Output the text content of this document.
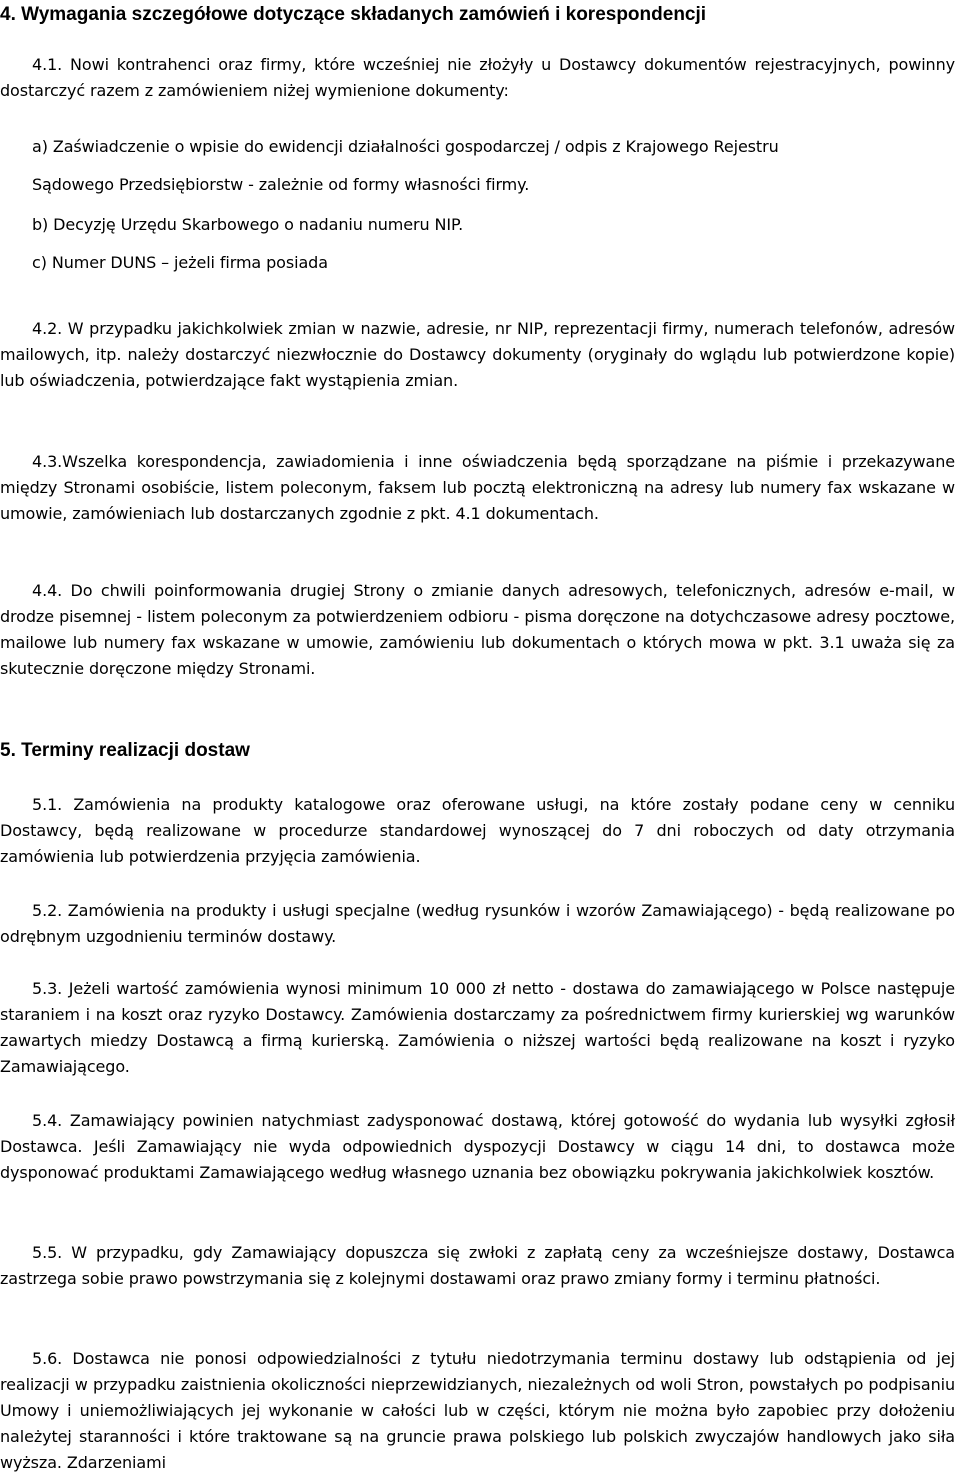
4. Wymagania szczegółowe dotyczące składanych zamówień i korespondencji

4.1. Nowi kontrahenci oraz firmy, które wcześniej nie złożyły u Dostawcy dokumentów rejestracyjnych, powinny dostarczyć razem z zamówieniem niżej wymienione dokumenty:

a) Zaświadczenie o wpisie do ewidencji działalności gospodarczej / odpis z Krajowego Rejestru

Sądowego Przedsiębiorstw - zależnie od formy własności firmy.

b) Decyzję Urzędu Skarbowego o nadaniu numeru NIP.

c) Numer DUNS – jeżeli firma posiada

4.2. W przypadku jakichkolwiek zmian w nazwie, adresie, nr NIP, reprezentacji firmy, numerach telefonów, adresów mailowych, itp. należy dostarczyć niezwłocznie do Dostawcy dokumenty (oryginały do wglądu lub potwierdzone kopie) lub oświadczenia, potwierdzające fakt wystąpienia zmian.

4.3.Wszelka korespondencja, zawiadomienia i inne oświadczenia będą sporządzane na piśmie i przekazywane między Stronami osobiście, listem poleconym, faksem lub pocztą elektroniczną na adresy lub numery fax wskazane w umowie, zamówieniach lub dostarczanych zgodnie z pkt. 4.1 dokumentach.

4.4. Do chwili poinformowania drugiej Strony o zmianie danych adresowych, telefonicznych, adresów e-mail, w drodze pisemnej - listem poleconym za potwierdzeniem odbioru - pisma doręczone na dotychczasowe adresy pocztowe, mailowe lub numery fax wskazane w umowie, zamówieniu lub dokumentach o których mowa w pkt. 3.1 uważa się za skutecznie doręczone między Stronami.

5. Terminy realizacji dostaw

5.1. Zamówienia na produkty katalogowe oraz oferowane usługi, na które zostały podane ceny w cenniku Dostawcy, będą realizowane w procedurze standardowej wynoszącej do 7 dni roboczych od daty otrzymania zamówienia lub potwierdzenia przyjęcia zamówienia.

5.2. Zamówienia na produkty i usługi specjalne (według rysunków i wzorów Zamawiającego) - będą realizowane po odrębnym uzgodnieniu terminów dostawy.

5.3. Jeżeli wartość zamówienia wynosi minimum 10 000 zł netto - dostawa do zamawiającego w Polsce następuje staraniem i na koszt oraz ryzyko Dostawcy. Zamówienia dostarczamy za pośrednictwem firmy kurierskiej wg warunków zawartych miedzy Dostawcą a firmą kurierską. Zamówienia o niższej wartości będą realizowane na koszt i ryzyko Zamawiającego.

5.4. Zamawiający powinien natychmiast zadysponować dostawą, której gotowość do wydania lub wysyłki zgłosił Dostawca. Jeśli Zamawiający nie wyda odpowiednich dyspozycji Dostawcy w ciągu 14 dni, to dostawca może dysponować produktami Zamawiającego według własnego uznania bez obowiązku pokrywania jakichkolwiek kosztów.

5.5. W przypadku, gdy Zamawiający dopuszcza się zwłoki z zapłatą ceny za wcześniejsze dostawy, Dostawca zastrzega sobie prawo powstrzymania się z kolejnymi dostawami oraz prawo zmiany formy i terminu płatności.

5.6. Dostawca nie ponosi odpowiedzialności z tytułu niedotrzymania terminu dostawy lub odstąpienia od jej realizacji w przypadku zaistnienia okoliczności nieprzewidzianych, niezależnych od woli Stron, powstałych po podpisaniu Umowy i uniemożliwiających jej wykonanie w całości lub w części, którym nie można było zapobiec przy dołożeniu należytej staranności i które traktowane są na gruncie prawa polskiego lub polskich zwyczajów handlowych jako siła wyższa. Zdarzeniami
